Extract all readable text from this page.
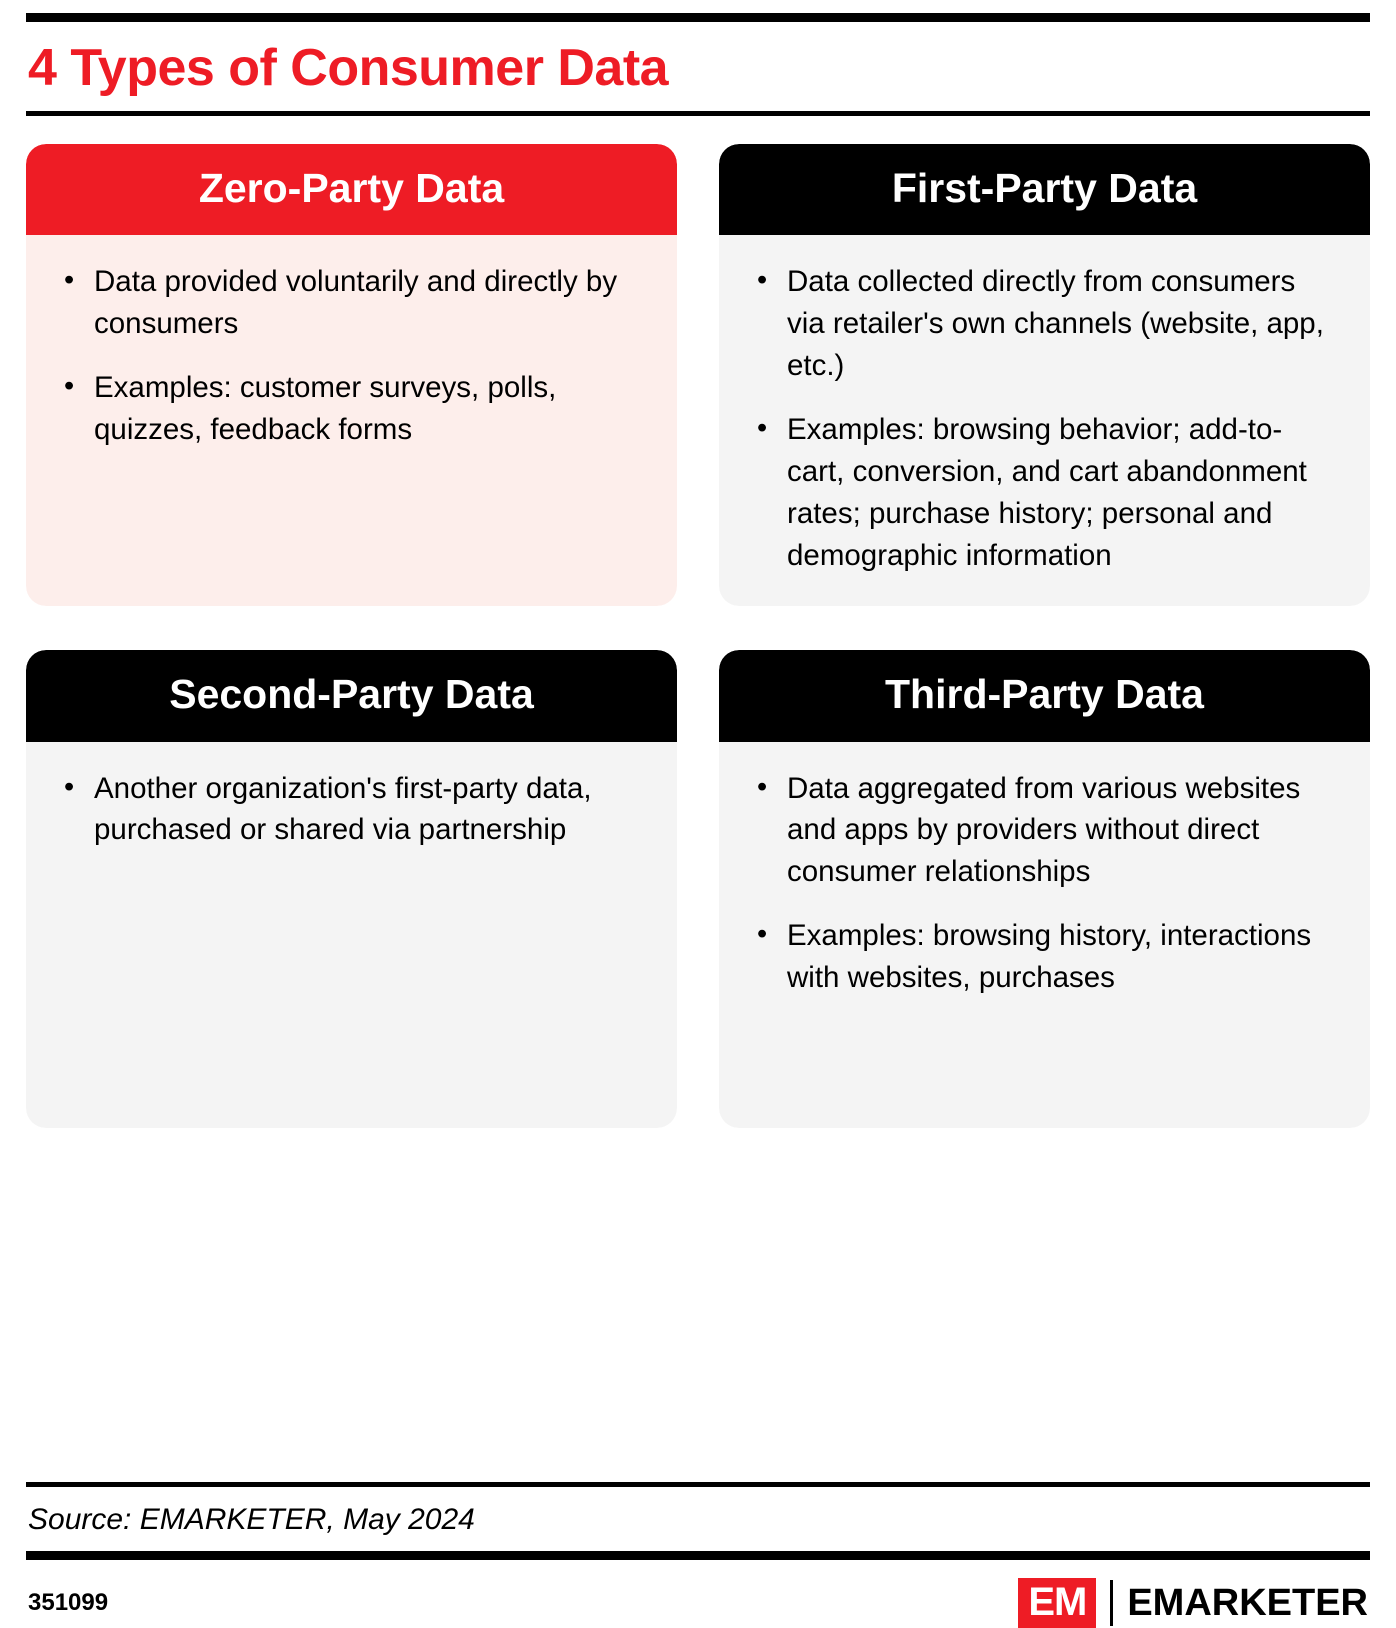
4 Types of Consumer Data
Zero-Party Data
• Data provided voluntarily and directly by consumers
• Examples: customer surveys, polls, quizzes, feedback forms
First-Party Data
• Data collected directly from consumers via retailer's own channels (website, app, etc.)
• Examples: browsing behavior; add-to-cart, conversion, and cart abandonment rates; purchase history; personal and demographic information
Second-Party Data
• Another organization's first-party data, purchased or shared via partnership
Third-Party Data
• Data aggregated from various websites and apps by providers without direct consumer relationships
• Examples: browsing history, interactions with websites, purchases
Source: EMARKETER, May 2024
351099	EM EMARKETER
